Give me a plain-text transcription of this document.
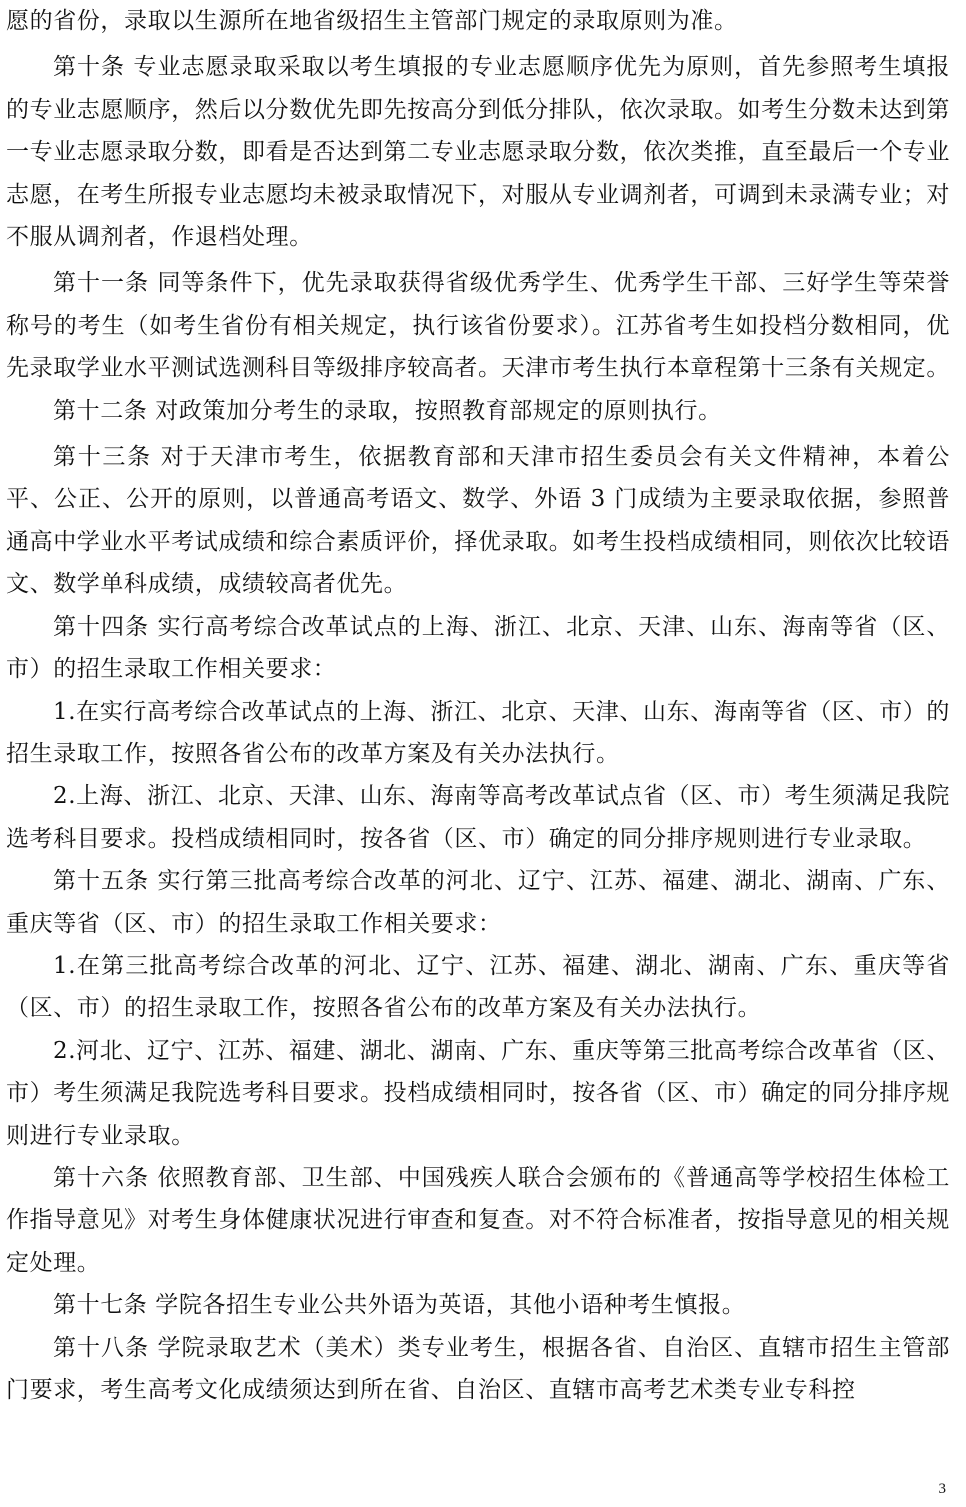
愿的省份，录取以生源所在地省级招生主管部门规定的录取原则为准。

第十条 专业志愿录取采取以考生填报的专业志愿顺序优先为原则，首先参照考生填报的专业志愿顺序，然后以分数优先即先按高分到低分排队，依次录取。如考生分数未达到第一专业志愿录取分数，即看是否达到第二专业志愿录取分数，依次类推，直至最后一个专业志愿，在考生所报专业志愿均未被录取情况下，对服从专业调剂者，可调到未录满专业；对不服从调剂者，作退档处理。

第十一条 同等条件下，优先录取获得省级优秀学生、优秀学生干部、三好学生等荣誉称号的考生（如考生省份有相关规定，执行该省份要求）。江苏省考生如投档分数相同，优先录取学业水平测试选测科目等级排序较高者。天津市考生执行本章程第十三条有关规定。

第十二条 对政策加分考生的录取，按照教育部规定的原则执行。

第十三条 对于天津市考生，依据教育部和天津市招生委员会有关文件精神，本着公平、公正、公开的原则，以普通高考语文、数学、外语 3 门成绩为主要录取依据，参照普通高中学业水平考试成绩和综合素质评价，择优录取。如考生投档成绩相同，则依次比较语文、数学单科成绩，成绩较高者优先。

第十四条 实行高考综合改革试点的上海、浙江、北京、天津、山东、海南等省（区、市）的招生录取工作相关要求：

1.在实行高考综合改革试点的上海、浙江、北京、天津、山东、海南等省（区、市）的招生录取工作，按照各省公布的改革方案及有关办法执行。

2.上海、浙江、北京、天津、山东、海南等高考改革试点省（区、市）考生须满足我院选考科目要求。投档成绩相同时，按各省（区、市）确定的同分排序规则进行专业录取。

第十五条 实行第三批高考综合改革的河北、辽宁、江苏、福建、湖北、湖南、广东、重庆等省（区、市）的招生录取工作相关要求：

1.在第三批高考综合改革的河北、辽宁、江苏、福建、湖北、湖南、广东、重庆等省（区、市）的招生录取工作，按照各省公布的改革方案及有关办法执行。

2.河北、辽宁、江苏、福建、湖北、湖南、广东、重庆等第三批高考综合改革省（区、市）考生须满足我院选考科目要求。投档成绩相同时，按各省（区、市）确定的同分排序规则进行专业录取。

第十六条 依照教育部、卫生部、中国残疾人联合会颁布的《普通高等学校招生体检工作指导意见》对考生身体健康状况进行审查和复查。对不符合标准者，按指导意见的相关规定处理。

第十七条 学院各招生专业公共外语为英语，其他小语种考生慎报。

第十八条 学院录取艺术（美术）类专业考生，根据各省、自治区、直辖市招生主管部门要求，考生高考文化成绩须达到所在省、自治区、直辖市高考艺术类专业专科控

3
